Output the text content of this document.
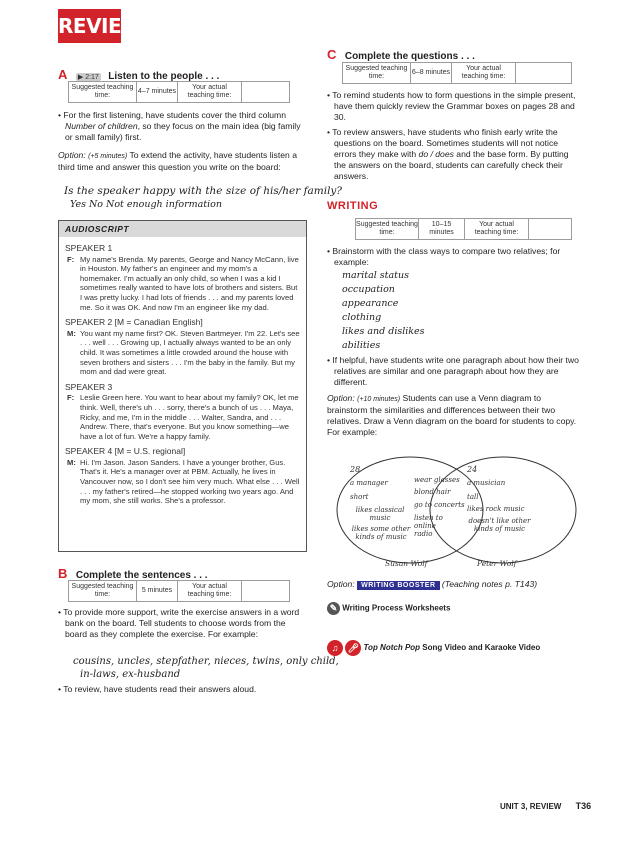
REVIEW
A ▶ 2:17 Listen to the people . . .
Suggested teaching time:
4–7 minutes
Your actual teaching time:

• For the first listening, have students cover the third column Number of children, so they focus on the main idea (big family or small family) first.

Option: (+5 minutes) To extend the activity, have students listen a third time and answer this question you write on the board:

Is the speaker happy with the size of his/her family?
Yes No Not enough information
AUDIOSCRIPT
SPEAKER 1
F: My name's Brenda. My parents, George and Nancy McCann, live in Houston. My father's an engineer and my mom's a homemaker. I'm actually an only child, so when I was a kid I sometimes really wanted to have lots of brothers and sisters. But I was pretty lucky. I had lots of friends . . . and my parents loved me. So it was OK. And now I'm an engineer like my dad.
SPEAKER 2 [M = Canadian English]
M: You want my name first? OK. Steven Bartmeyer. I'm 22. Let's see . . . well . . . Growing up, I actually always wanted to be an only child. It was sometimes a little crowded around the house with seven brothers and sisters . . . I'm the baby in the family. But my mom and dad were great.
SPEAKER 3
F: Leslie Green here. You want to hear about my family? OK, let me think. Well, there's uh . . . sorry, there's a bunch of us . . . Maya, Ricky, and me, I'm in the middle . . . Walter, Sandra, and . . . Andrew. There, that's everyone. But you know something—we have a lot of fun. We're a happy family.
SPEAKER 4 [M = U.S. regional]
M: Hi. I'm Jason. Jason Sanders. I have a younger brother, Gus. That's it. He's a manager over at PBM. Actually, he lives in Vancouver now, so I don't see him very much. What else . . . Well . . . my father's retired—he stopped working two years ago. And my mom, she still works. She's a professor.
B Complete the sentences . . .
Suggested teaching time:
5 minutes
Your actual teaching time:

• To provide more support, write the exercise answers in a word bank on the board. Tell students to choose words from the board as they complete the exercise. For example:

cousins, uncles, stepfather, nieces, twins, only child,
in-laws, ex-husband

• To review, have students read their answers aloud.

C Complete the questions . . .
Suggested teaching time:
6–8 minutes
Your actual teaching time:

• To remind students how to form questions in the simple present, have them quickly review the Grammar boxes on pages 28 and 30.

• To review answers, have students who finish early write the questions on the board. Sometimes students will not notice errors they make with do / does and the base form. By putting the answers on the board, students can carefully check their answers.

WRITING
Suggested teaching time:
10–15 minutes
Your actual teaching time:

• Brainstorm with the class ways to compare two relatives; for example:

marital status
occupation
appearance
clothing
likes and dislikes
abilities

• If helpful, have students write one paragraph about how their two relatives are similar and one paragraph about how they are different.

Option: (+10 minutes) Students can use a Venn diagram to brainstorm the similarities and differences between their two relatives. Draw a Venn diagram on the board for students to copy. For example:

28
a manager
short
likes classical music
likes some other kinds of music
wear glasses
blond hair
go to concerts
listen to online radio
24
a musician
tall
likes rock music
doesn't like other kinds of music
Susan Wolf	Peter Wolf
Option: WRITING BOOSTER (Teaching notes p. T143)
✎ Writing Process Worksheets
♫ 🎤︎ Top Notch Pop Song Video and Karaoke Video
UNIT 3, REVIEW T36
